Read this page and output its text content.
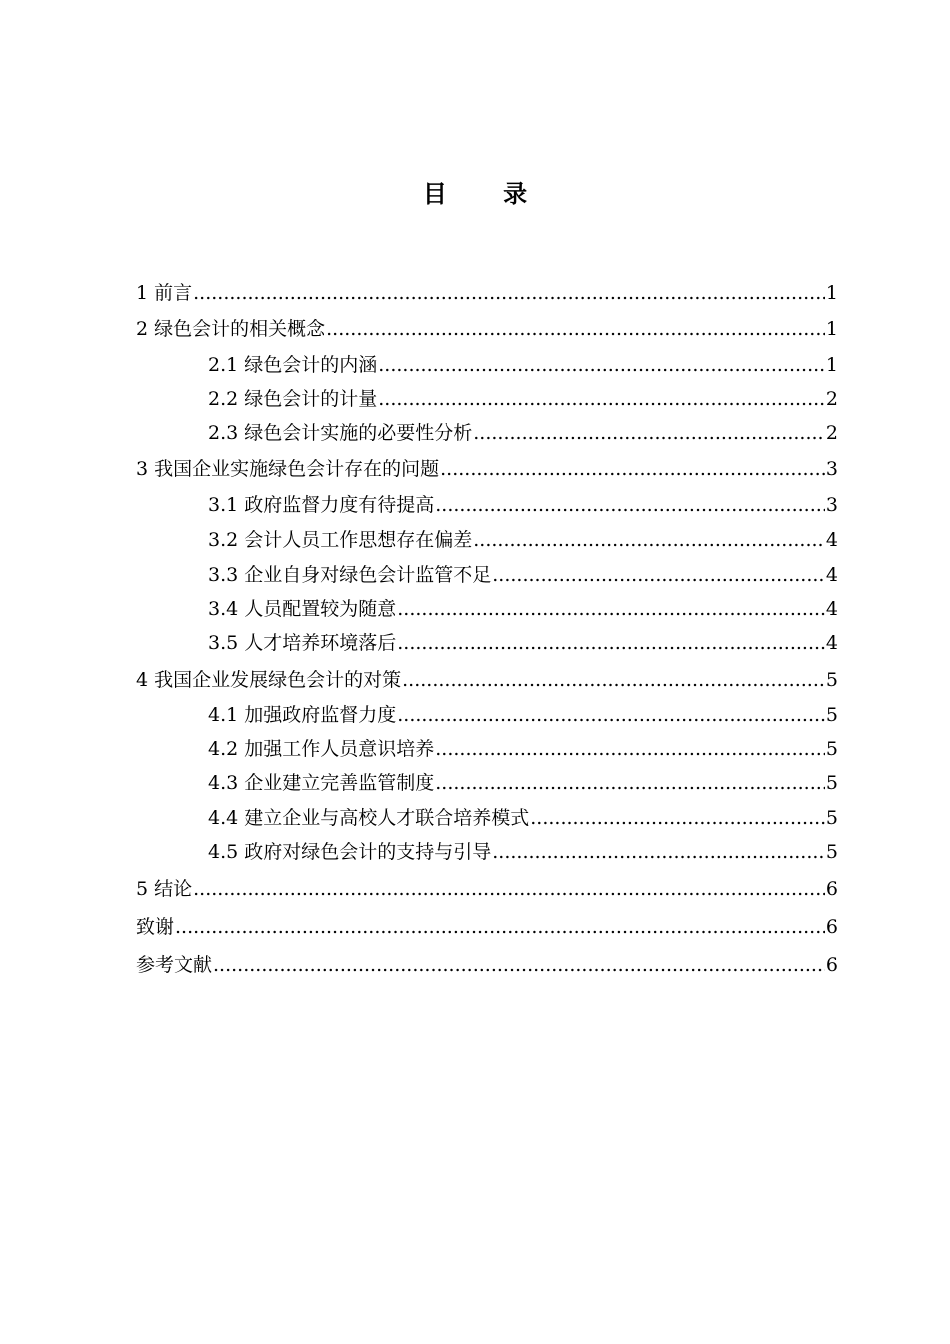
目 录
1 前言 .....	1
2 绿色会计的相关概念 .....	1
2.1 绿色会计的内涵 .....	1
2.2 绿色会计的计量 .....	2
2.3 绿色会计实施的必要性分析 .....	2
3 我国企业实施绿色会计存在的问题 .....	3
3.1 政府监督力度有待提高 .....	3
3.2 会计人员工作思想存在偏差 .....	4
3.3 企业自身对绿色会计监管不足 .....	4
3.4 人员配置较为随意 .....	4
3.5 人才培养环境落后 .....	4
4 我国企业发展绿色会计的对策 .....	5
4.1 加强政府监督力度 .....	5
4.2 加强工作人员意识培养 .....	5
4.3 企业建立完善监管制度 .....	5
4.4 建立企业与高校人才联合培养模式 .....	5
4.5 政府对绿色会计的支持与引导 .....	5
5 结论 .....	6
致谢 .....	6
参考文献 .....	6
